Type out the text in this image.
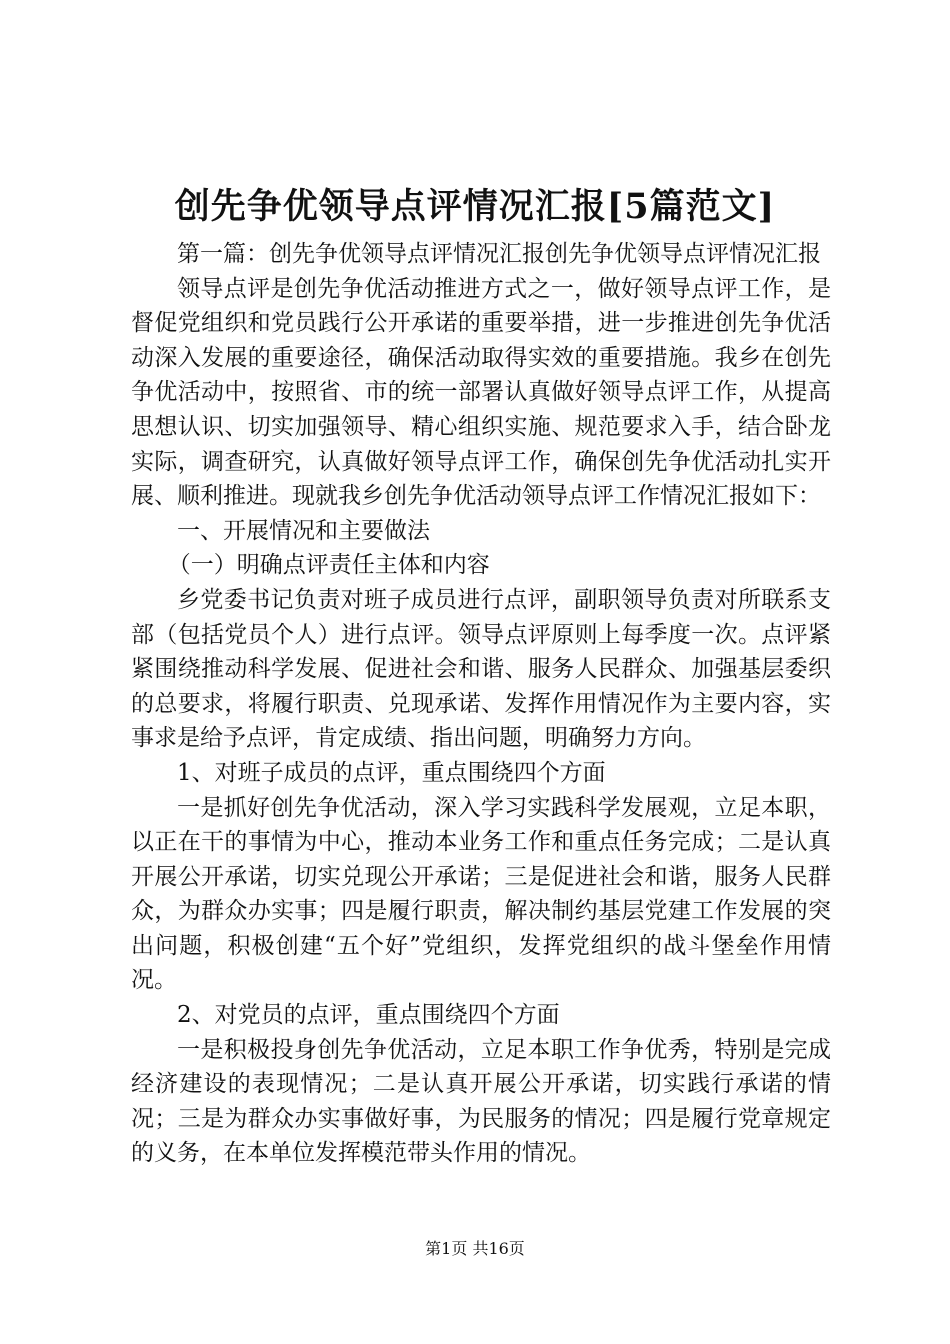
创先争优领导点评情况汇报[5篇范文]

第一篇：创先争优领导点评情况汇报创先争优领导点评情况汇报

领导点评是创先争优活动推进方式之一，做好领导点评工作，是督促党组织和党员践行公开承诺的重要举措，进一步推进创先争优活动深入发展的重要途径，确保活动取得实效的重要措施。我乡在创先争优活动中，按照省、市的统一部署认真做好领导点评工作，从提高思想认识、切实加强领导、精心组织实施、规范要求入手，结合卧龙实际，调查研究，认真做好领导点评工作，确保创先争优活动扎实开展、顺利推进。现就我乡创先争优活动领导点评工作情况汇报如下：

一、开展情况和主要做法

（一）明确点评责任主体和内容

乡党委书记负责对班子成员进行点评，副职领导负责对所联系支部（包括党员个人）进行点评。领导点评原则上每季度一次。点评紧紧围绕推动科学发展、促进社会和谐、服务人民群众、加强基层委织的总要求，将履行职责、兑现承诺、发挥作用情况作为主要内容，实事求是给予点评，肯定成绩、指出问题，明确努力方向。

1、对班子成员的点评，重点围绕四个方面

一是抓好创先争优活动，深入学习实践科学发展观，立足本职，以正在干的事情为中心，推动本业务工作和重点任务完成；二是认真开展公开承诺，切实兑现公开承诺；三是促进社会和谐，服务人民群众，为群众办实事；四是履行职责，解决制约基层党建工作发展的突出问题，积极创建“五个好”党组织，发挥党组织的战斗堡垒作用情况。

2、对党员的点评，重点围绕四个方面

一是积极投身创先争优活动，立足本职工作争优秀，特别是完成经济建设的表现情况；二是认真开展公开承诺，切实践行承诺的情况；三是为群众办实事做好事，为民服务的情况；四是履行党章规定的义务，在本单位发挥模范带头作用的情况。

第1页 共16页
